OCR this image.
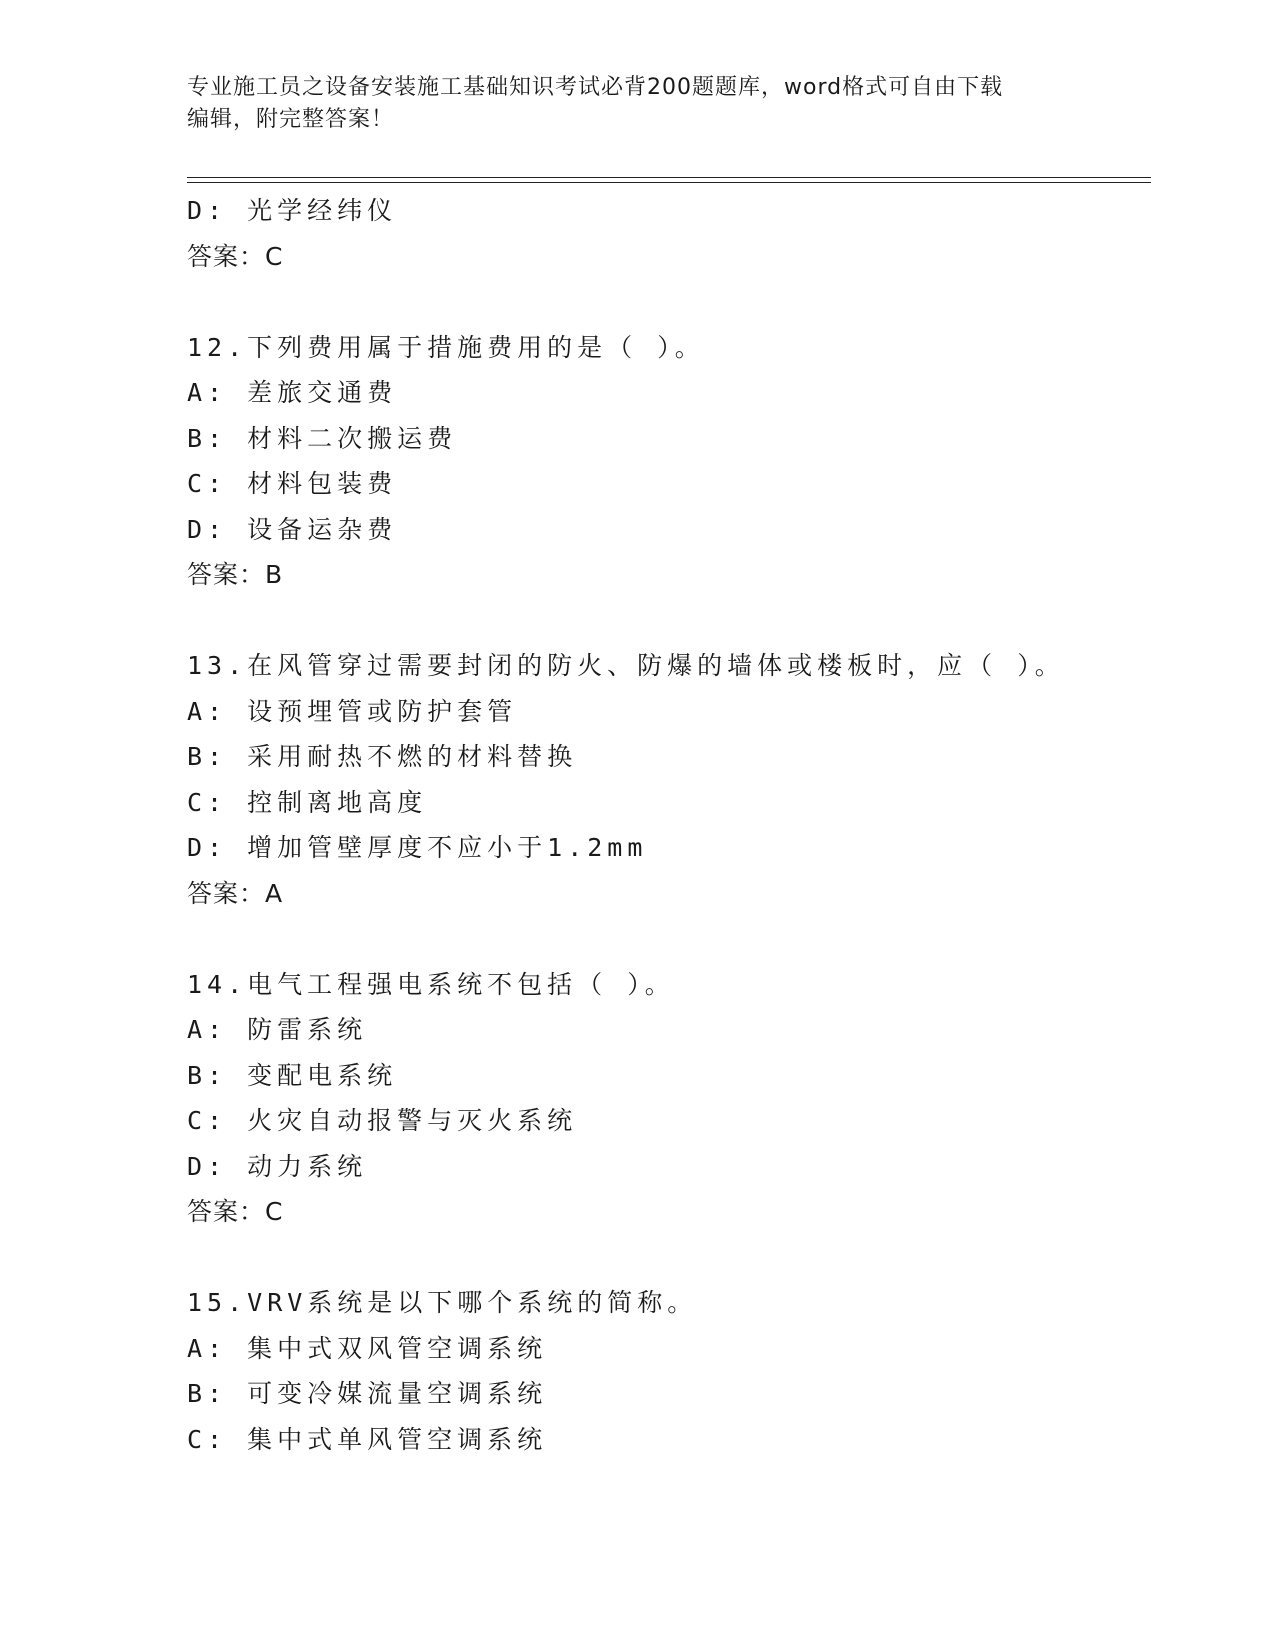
专业施工员之设备安装施工基础知识考试必背200题题库，word格式可自由下载
编辑，附完整答案！
D: 光学经纬仪
答案：C
12.下列费用属于措施费用的是（ ）。
A: 差旅交通费
B: 材料二次搬运费
C: 材料包装费
D: 设备运杂费
答案：B
13.在风管穿过需要封闭的防火、防爆的墙体或楼板时，应（ ）。
A: 设预埋管或防护套管
B: 采用耐热不燃的材料替换
C: 控制离地高度
D: 增加管壁厚度不应小于1.2mm
答案：A
14.电气工程强电系统不包括（ ）。
A: 防雷系统
B: 变配电系统
C: 火灾自动报警与灭火系统
D: 动力系统
答案：C
15.VRV系统是以下哪个系统的简称。
A: 集中式双风管空调系统
B: 可变冷媒流量空调系统
C: 集中式单风管空调系统
